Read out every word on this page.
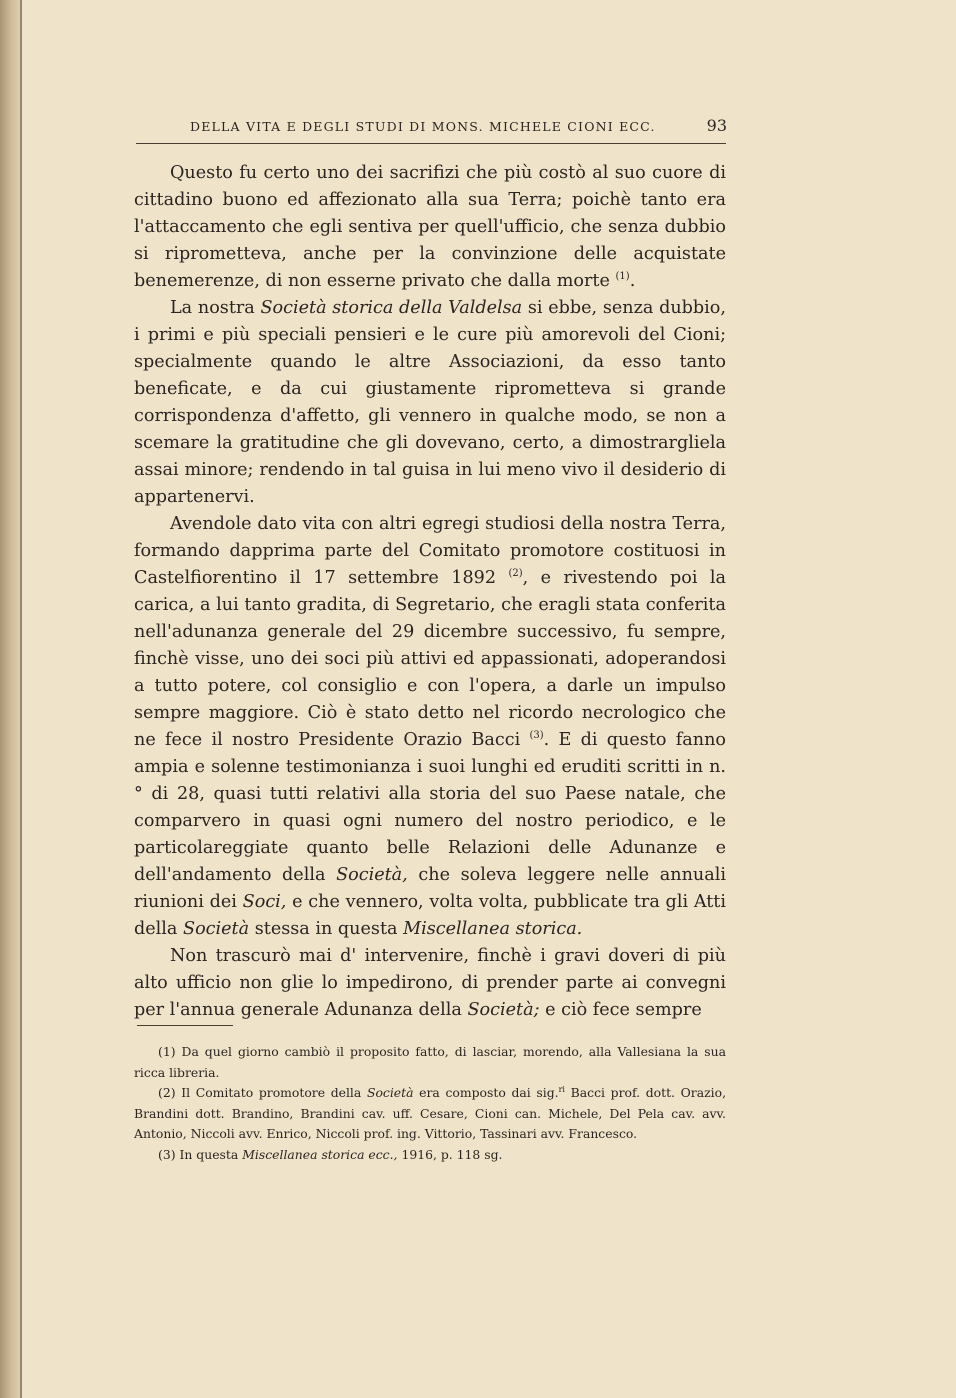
DELLA VITA E DEGLI STUDI DI MONS. MICHELE CIONI ECC.	93

Questo fu certo uno dei sacrifizi che più costò al suo cuore di cittadino buono ed affezionato alla sua Terra; poichè tanto era l'attaccamento che egli sentiva per quell'ufficio, che senza dubbio si riprometteva, anche per la convinzione delle acquistate benemerenze, di non esserne privato che dalla morte $^{(1)}$.

La nostra Società storica della Valdelsa si ebbe, senza dubbio, i primi e più speciali pensieri e le cure più amorevoli del Cioni; specialmente quando le altre Associazioni, da esso tanto beneficate, e da cui giustamente riprometteva si grande corrispondenza d'affetto, gli vennero in qualche modo, se non a scemare la gratitudine che gli dovevano, certo, a dimostrargliela assai minore; rendendo in tal guisa in lui meno vivo il desiderio di appartenervi.

Avendole dato vita con altri egregi studiosi della nostra Terra, formando dapprima parte del Comitato promotore costituosi in Castelfiorentino il 17 settembre 1892 $^{(2)}$, e rivestendo poi la carica, a lui tanto gradita, di Segretario, che eragli stata conferita nell'adunanza generale del 29 dicembre successivo, fu sempre, finchè visse, uno dei soci più attivi ed appassionati, adoperandosi a tutto potere, col consiglio e con l'opera, a darle un impulso sempre maggiore. Ciò è stato detto nel ricordo necrologico che ne fece il nostro Presidente Orazio Bacci $^{(3)}$. E di questo fanno ampia e solenne testimonianza i suoi lunghi ed eruditi scritti in n.° di 28, quasi tutti relativi alla storia del suo Paese natale, che comparvero in quasi ogni numero del nostro periodico, e le particolareggiate quanto belle Relazioni delle Adunanze e dell'andamento della Società, che soleva leggere nelle annuali riunioni dei Soci, e che vennero, volta volta, pubblicate tra gli Atti della Società stessa in questa Miscellanea storica.

Non trascurò mai d' intervenire, finchè i gravi doveri di più alto ufficio non glie lo impedirono, di prender parte ai convegni per l'annua generale Adunanza della Società; e ciò fece sempre

(1) Da quel giorno cambiò il proposito fatto, di lasciar, morendo, alla Vallesiana la sua ricca libreria.

(2) Il Comitato promotore della Società era composto dai sig.$^{ri}$ Bacci prof. dott. Orazio, Brandini dott. Brandino, Brandini cav. uff. Cesare, Cioni can. Michele, Del Pela cav. avv. Antonio, Niccoli avv. Enrico, Niccoli prof. ing. Vittorio, Tassinari avv. Francesco.

(3) In questa Miscellanea storica ecc., 1916, p. 118 sg.
